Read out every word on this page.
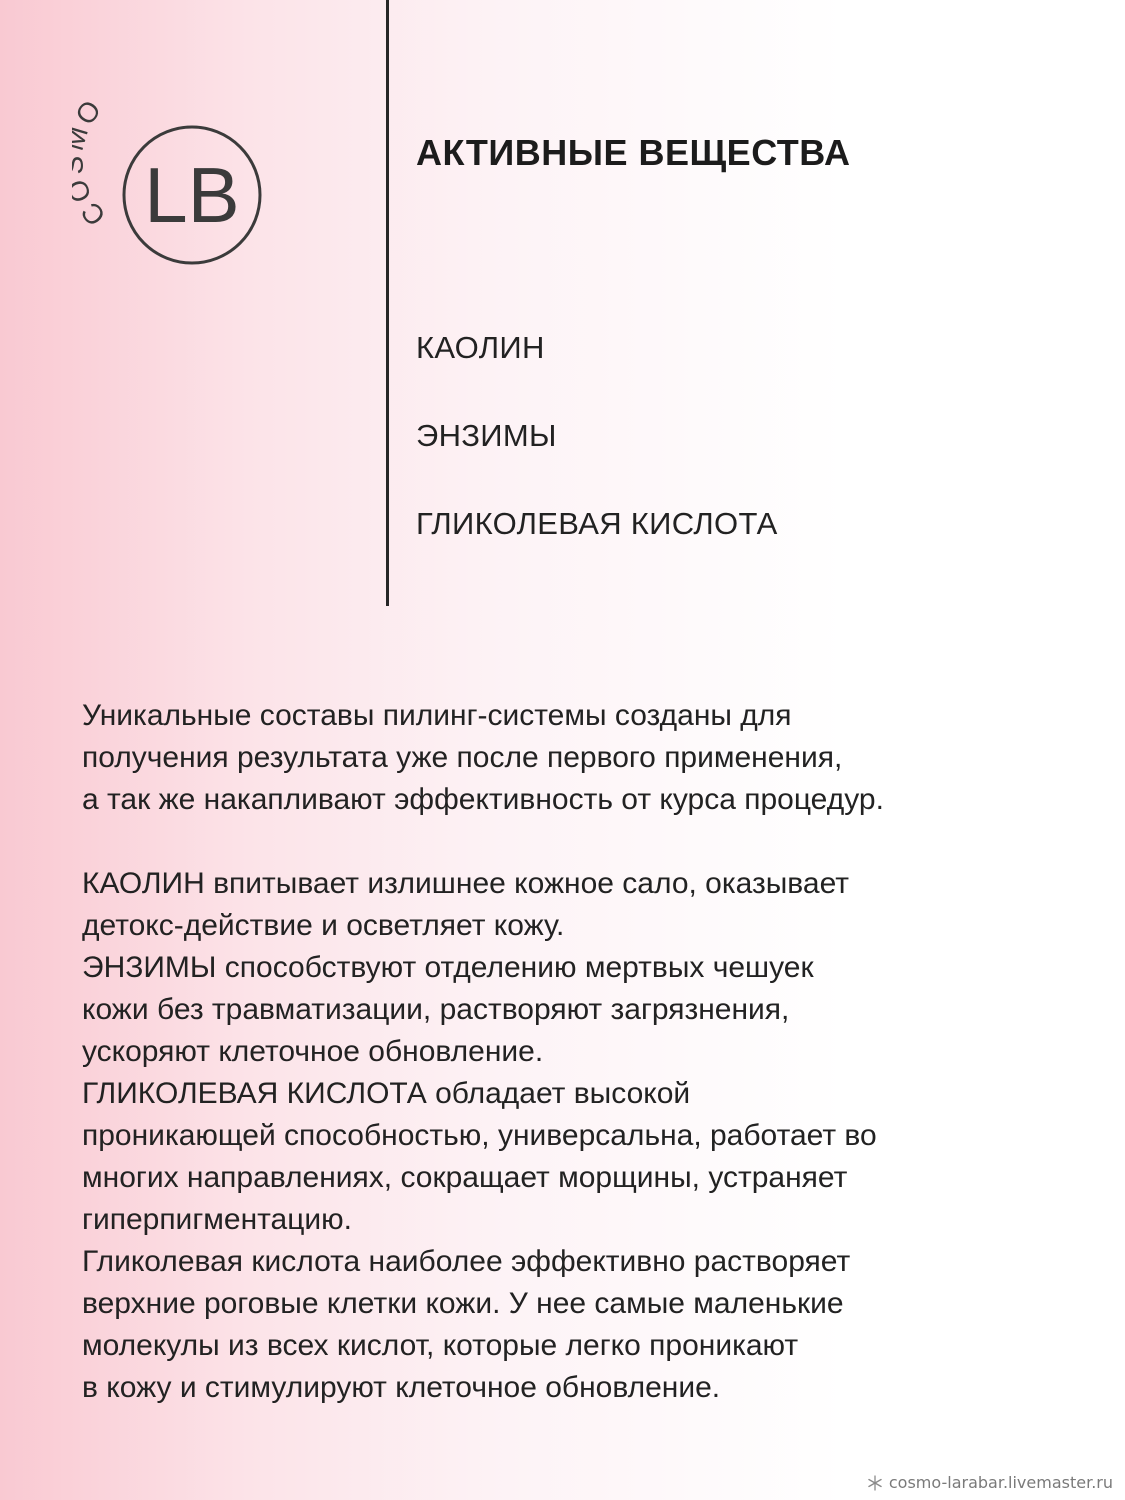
C O
LB	АКТИВНЫЕ ВЕЩЕСТВА
КАОЛИН
ЭНЗИМЫ
ГЛИКОЛЕВАЯ КИСЛОТА

Уникальные составы пилинг-системы созданы для
получения результата уже после первого применения,
а так же накапливают эффективность от курса процедур.

КАОЛИН впитывает излишнее кожное сало, оказывает
детокс-действие и осветляет кожу.
ЭНЗИМЫ способствуют отделению мертвых чешуек
кожи без травматизации, растворяют загрязнения,
ускоряют клеточное обновление.
ГЛИКОЛЕВАЯ КИСЛОТА обладает высокой
проникающей способностью, универсальна, работает во
многих направлениях, сокращает морщины, устраняет
гиперпигментацию.
Гликолевая кислота наиболее эффективно растворяет
верхние роговые клетки кожи. У нее самые маленькие
молекулы из всех кислот, которые легко проникают
в кожу и стимулируют клеточное обновление.

cosmo-larabar.livemaster.ru
